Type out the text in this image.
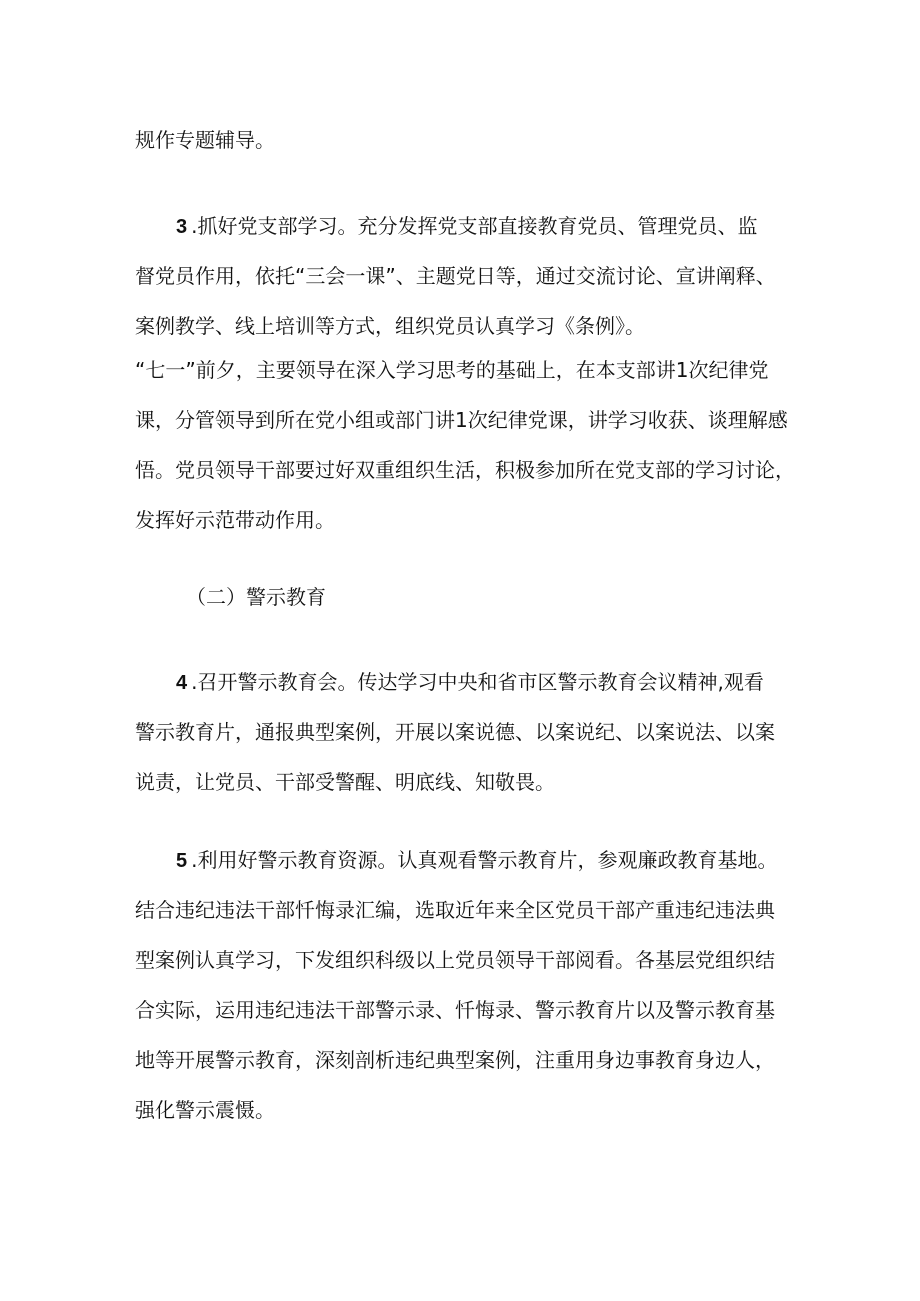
规作专题辅导。
3 .抓好党支部学习。充分发挥党支部直接教育党员、管理党员、监
督党员作用，依托“三会一课”、主题党日等，通过交流讨论、宣讲阐释、
案例教学、线上培训等方式，组织党员认真学习《条例》。
“七一”前夕，主要领导在深入学习思考的基础上，在本支部讲1次纪律党
课，分管领导到所在党小组或部门讲1次纪律党课，讲学习收获、谈理解感
悟。党员领导干部要过好双重组织生活，积极参加所在党支部的学习讨论，
发挥好示范带动作用。
（二）警示教育
4 .召开警示教育会。传达学习中央和省市区警示教育会议精神,观看
警示教育片，通报典型案例，开展以案说德、以案说纪、以案说法、以案
说责，让党员、干部受警醒、明底线、知敬畏。
5 .利用好警示教育资源。认真观看警示教育片，参观廉政教育基地。
结合违纪违法干部忏悔录汇编，选取近年来全区党员干部产重违纪违法典
型案例认真学习，下发组织科级以上党员领导干部阅看。各基层党组织结
合实际，运用违纪违法干部警示录、忏悔录、警示教育片以及警示教育基
地等开展警示教育，深刻剖析违纪典型案例，注重用身边事教育身边人，
强化警示震慑。
